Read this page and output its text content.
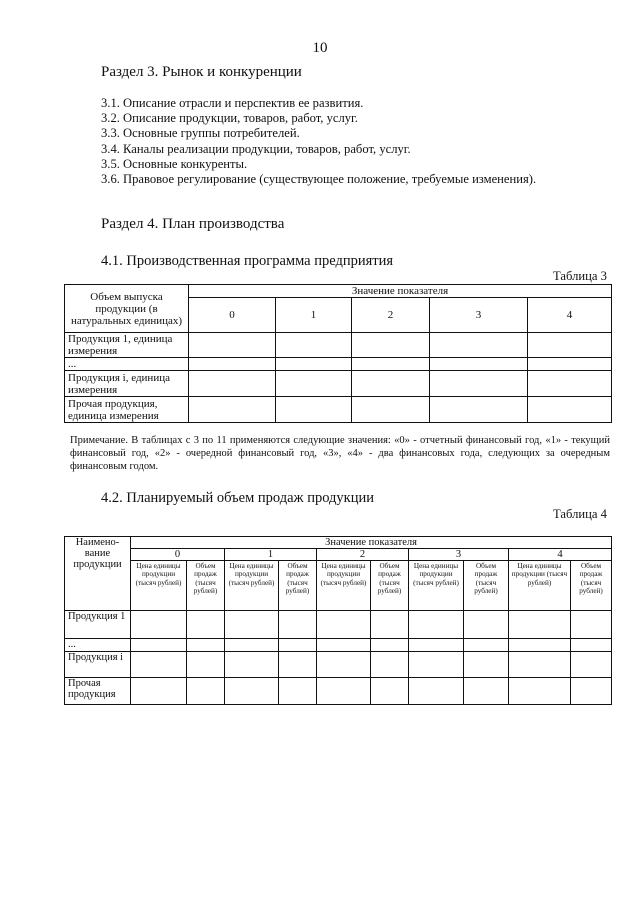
10
Раздел 3. Рынок и конкуренции
3.1. Описание отрасли и перспектив ее развития.
3.2. Описание продукции, товаров, работ, услуг.
3.3. Основные группы потребителей.
3.4. Каналы реализации продукции, товаров, работ, услуг.
3.5. Основные конкуренты.
3.6. Правовое регулирование (существующее положение, требуемые изменения).
Раздел 4. План производства
4.1. Производственная программа предприятия
Таблица 3
Объем выпуска продукции (в натуральных единицах)	Значение показателя				
	0	1	2	3	4
Продукция 1, единица измерения					
...					
Продукция i, единица измерения					
Прочая продукция, единица измерения					
Примечание. В таблицах с 3 по 11 применяются следующие значения: «0» - отчетный финансовый год, «1» - текущий финансовый год, «2» - очередной финансовый год, «3», «4» - два финансовых года, следующих за очередным финансовым годом.
4.2. Планируемый объем продаж продукции
Таблица 4
Наимено-вание продукции	Значение показателя									
	0		1		2		3		4	
	Цена единицы продукции (тысяч рублей)	Объем продаж (тысяч рублей)	Цена единицы продукции (тысяч рублей)	Объем продаж (тысяч рублей)	Цена единицы продукции (тысяч рублей)	Объем продаж (тысяч рублей)	Цена единицы продукции (тысяч рублей)	Объем продаж (тысяч рублей)	Цена единицы продукции (тысяч рублей)	Объем продаж (тысяч рублей)
Продукция 1										
...										
Продукция i										
Прочая продукция										
